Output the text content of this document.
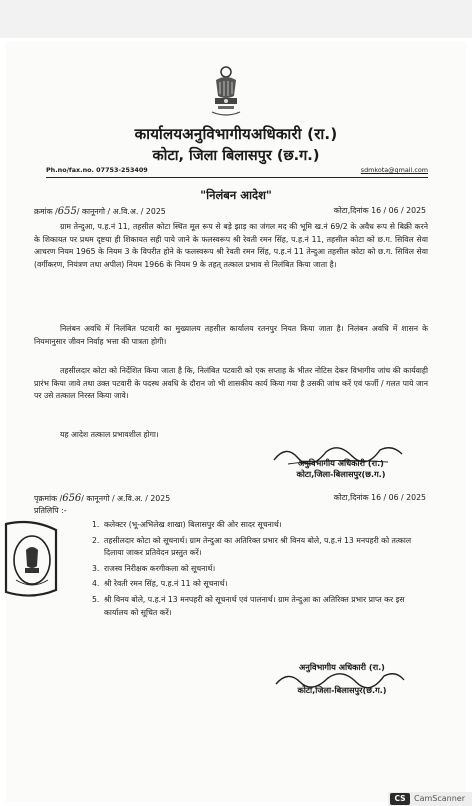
कार्यालयअनुविभागीयअधिकारी (रा.)
कोटा, जिला बिलासपुर (छ.ग.)
Ph.no/fax.no. 07753-253409	sdmkota@gmail.com
"निलंबन आदेश"
क्रमांक /655/ कानूनगो / अ.वि.अ. / 2025	कोटा,दिनांक 16 / 06 / 2025
ग्राम तेन्दुआ, प.ह.नं 11, तहसील कोटा स्थित मूल रूप से बड़े झाड़ का जंगल मद की भूमि ख.नं 69/2 के अवैध रूप से बिक्री करने के शिकायत पर प्रथम दृष्टया ही शिकायत सही पाये जाने के फलस्वरूप श्री रेवती रमन सिंह, प.ह.नं 11, तहसील कोटा को छ.ग. सिविल सेवा आचरण नियम 1965 के नियम 3 के विपरीत होने के फलस्वरूप श्री रेवती रमन सिंह, प.ह.नं 11 तेन्दुआ तहसील कोटा को छ.ग. सिविल सेवा (वर्गीकरण, नियंत्रण तथा अपील) नियम 1966 के नियम 9 के तहत् तत्काल प्रभाव से निलंबित किया जाता है।
निलंबन अवधि में निलंबित पटवारी का मुख्यालय तहसील कार्यालय रतनपुर नियत किया जाता है। निलंबन अवधि में शासन के नियमानुसार जीवन निर्वाह भत्ता की पात्रता होगी।
तहसीलदार कोटा को निर्देशित किया जाता है कि, निलंबित पटवारी को एक सप्ताह के भीतर नोटिस देकर विभागीय जांच की कार्यवाही प्रारंभ किया जावे तथा उक्त पटवारी के पदस्थ अवधि के दौरान जो भी शासकीय कार्य किया गया है उसकी जांच करें एवं फर्जी / गलत पाये जान पर उसे तत्काल निरस्त किया जावे।
यह आदेश तत्काल प्रभावशील होगा।
अनुविभागीय अधिकारी (रा.)
कोटा,जिला-बिलासपुर(छ.ग.)
पृक्रमांक /656/ कानूनगो / अ.वि.अ. / 2025	कोटा,दिनांक 16 / 06 / 2025
प्रतिलिपि :-
1. कलेक्टर (भू-अभिलेख शाखा) बिलासपुर की ओर सादर सूचनार्थ।
2. तहसीलदार कोटा को सूचनार्थ। ग्राम तेन्दुआ का अतिरिक्त प्रभार श्री विनय बोले, प.ह.नं 13 मनपहरी को तत्काल दिलाया जाकर प्रतिवेदन प्रस्तुत करें।
3. राजस्व निरीक्षक करगीकला को सूचनार्थ।
4. श्री रेवती रमन सिंह, प.ह.नं 11 को सूचनार्थ।
5. श्री विनय बोले, प.ह.नं 13 मनपहरी को सूचनार्थ एवं पालनार्थ। ग्राम तेन्दुआ का अतिरिक्त प्रभार प्राप्त कर इस कार्यालय को सूचित करें।
अनुविभागीय अधिकारी (रा.)
कोटा,जिला-बिलासपुर(छ.ग.)
CS	CamScanner
